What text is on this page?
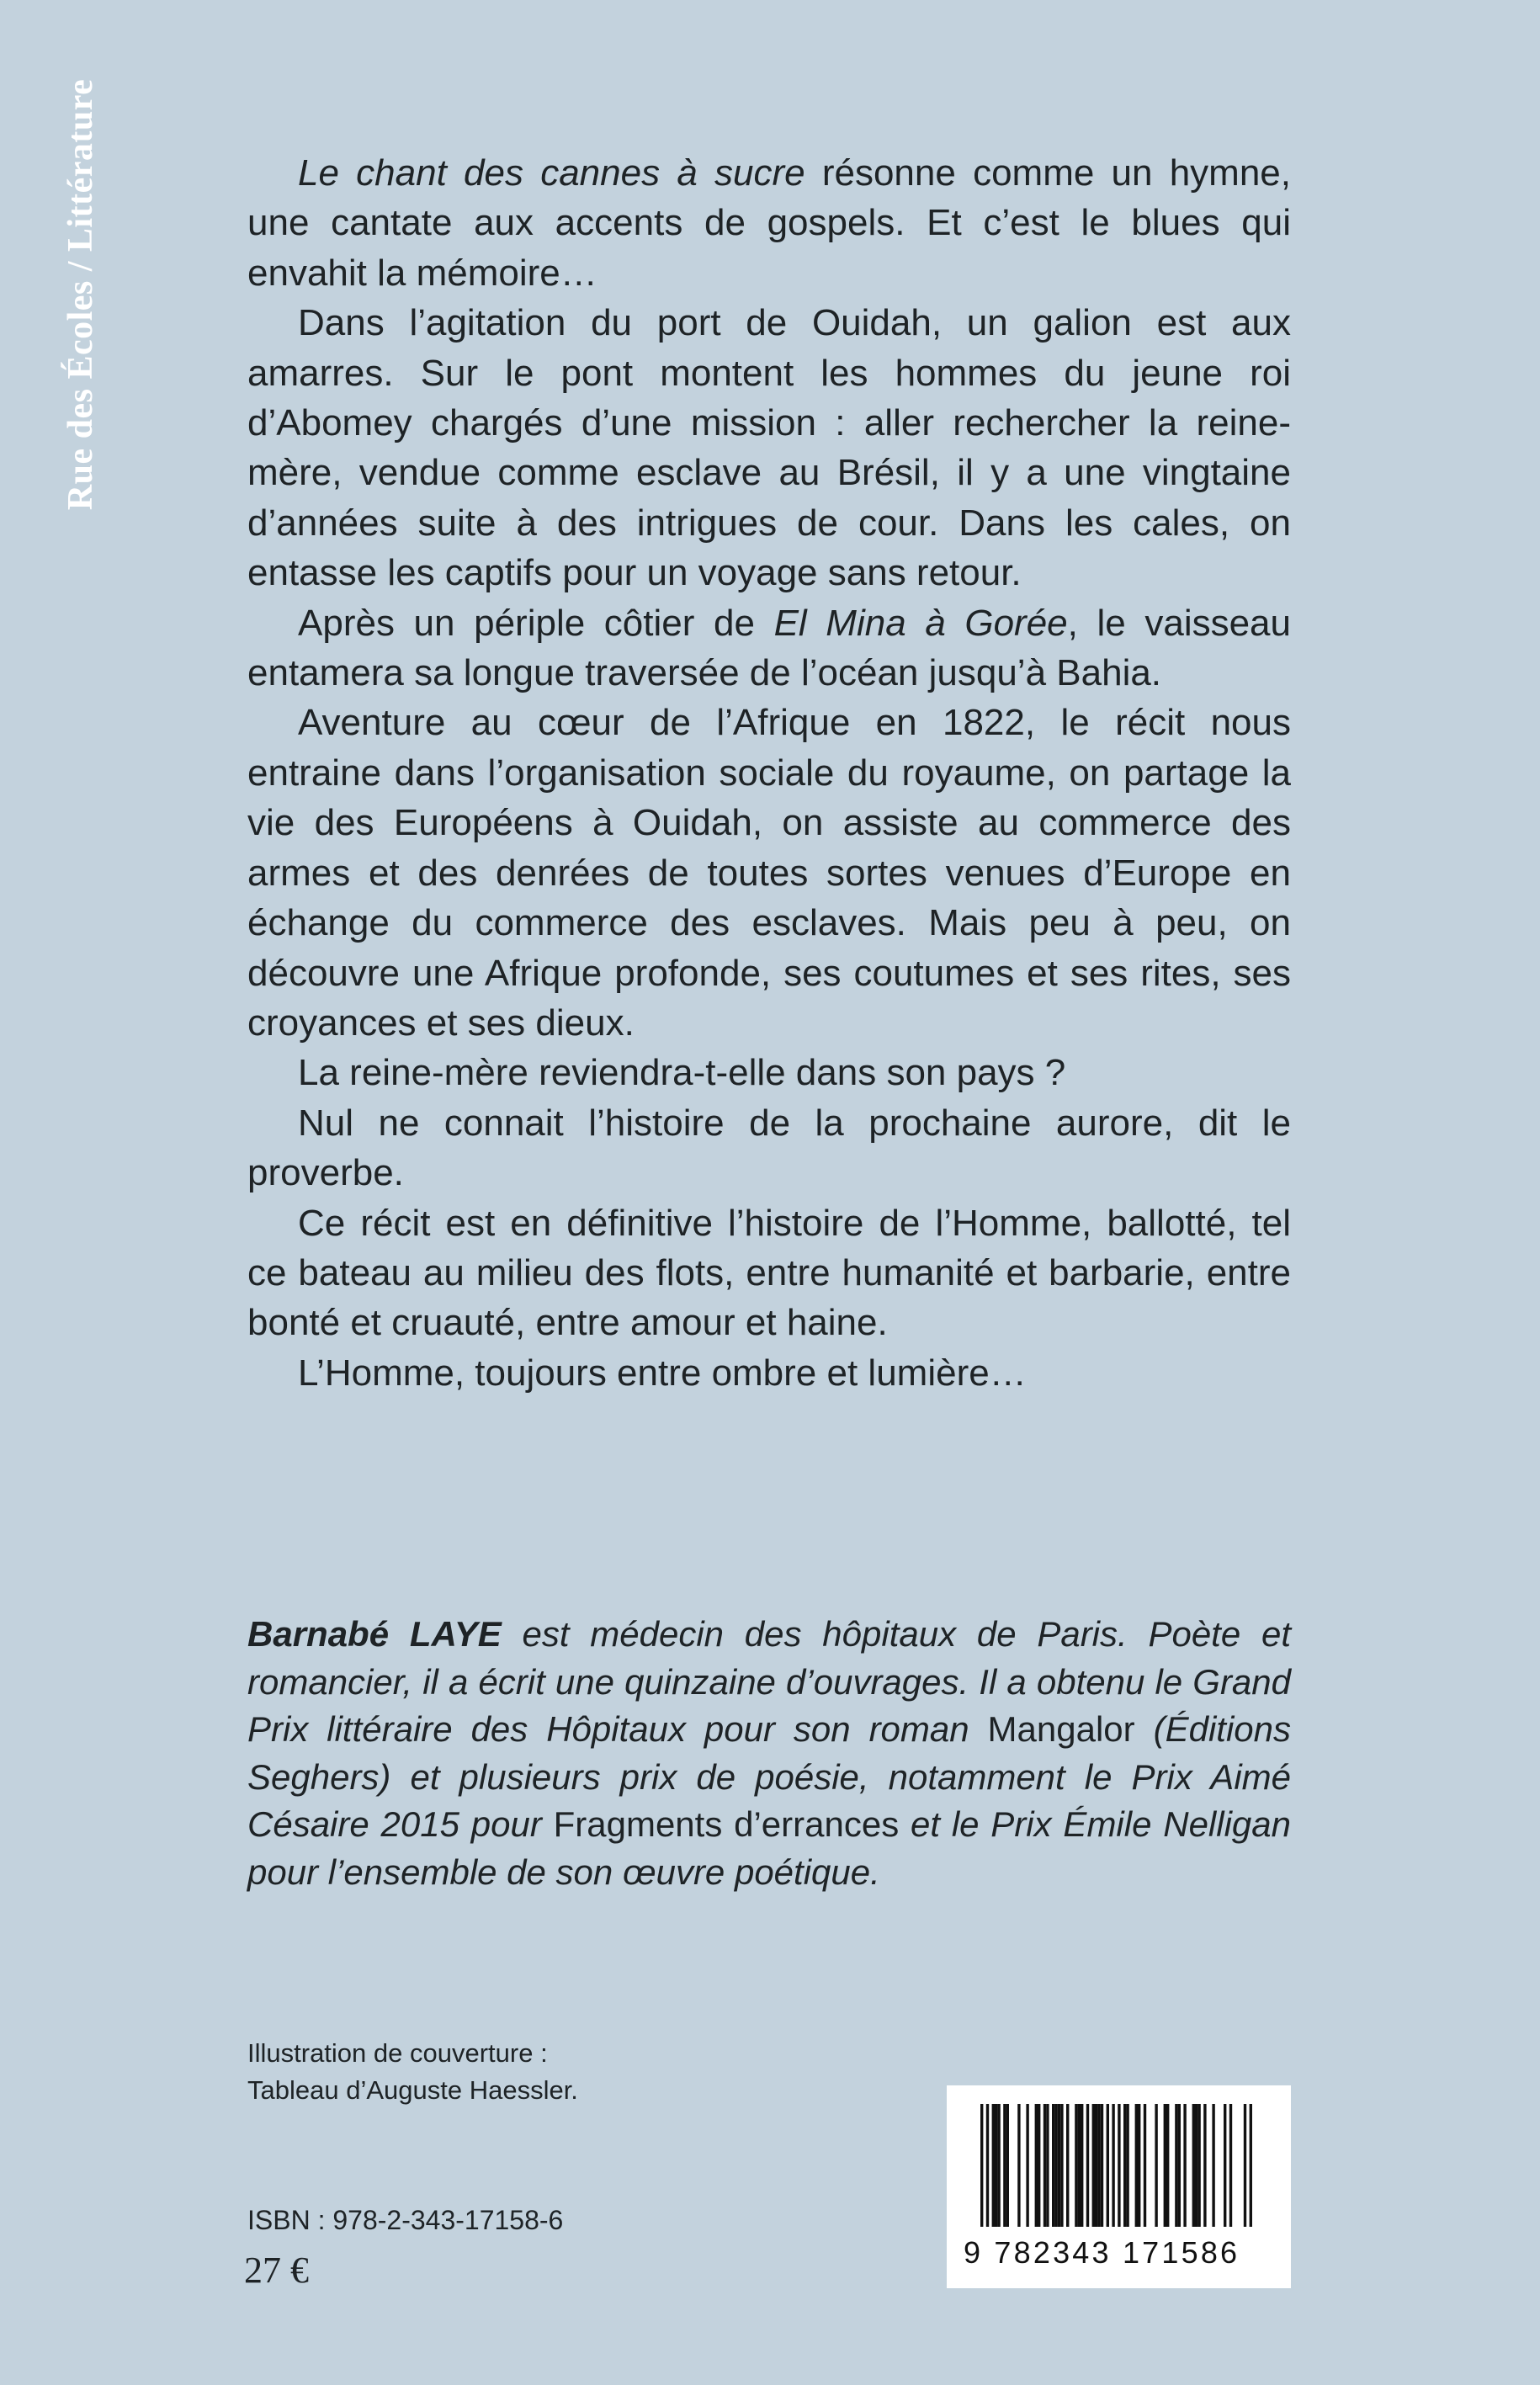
Rue des Écoles / Littérature	Le chant des cannes à sucre résonne comme un hymne, une cantate aux accents de gospels. Et c’est le blues qui envahit la mémoire…

Dans l’agitation du port de Ouidah, un galion est aux amarres. Sur le pont montent les hommes du jeune roi d’Abomey chargés d’une mission : aller rechercher la reine-mère, vendue comme esclave au Brésil, il y a une vingtaine d’années suite à des intrigues de cour. Dans les cales, on entasse les captifs pour un voyage sans retour.

Après un périple côtier de El Mina à Gorée, le vaisseau entamera sa longue traversée de l’océan jusqu’à Bahia.

Aventure au cœur de l’Afrique en 1822, le récit nous entraine dans l’organisation sociale du royaume, on partage la vie des Européens à Ouidah, on assiste au commerce des armes et des denrées de toutes sortes venues d’Europe en échange du commerce des esclaves. Mais peu à peu, on découvre une Afrique profonde, ses coutumes et ses rites, ses croyances et ses dieux.

La reine-mère reviendra-t-elle dans son pays ?

Nul ne connait l’histoire de la prochaine aurore, dit le proverbe.

Ce récit est en définitive l’histoire de l’Homme, ballotté, tel ce bateau au milieu des flots, entre humanité et barbarie, entre bonté et cruauté, entre amour et haine.

L’Homme, toujours entre ombre et lumière…

Barnabé LAYE est médecin des hôpitaux de Paris. Poète et romancier, il a écrit une quinzaine d’ouvrages. Il a obtenu le Grand Prix littéraire des Hôpitaux pour son roman Mangalor (Éditions Seghers) et plusieurs prix de poésie, notamment le Prix Aimé Césaire 2015 pour Fragments d’errances et le Prix Émile Nelligan pour l’ensemble de son œuvre poétique.
Illustration de couverture :
Tableau d’Auguste Haessler.
ISBN : 978-2-343-17158-6
27 €	9 782343 171586
